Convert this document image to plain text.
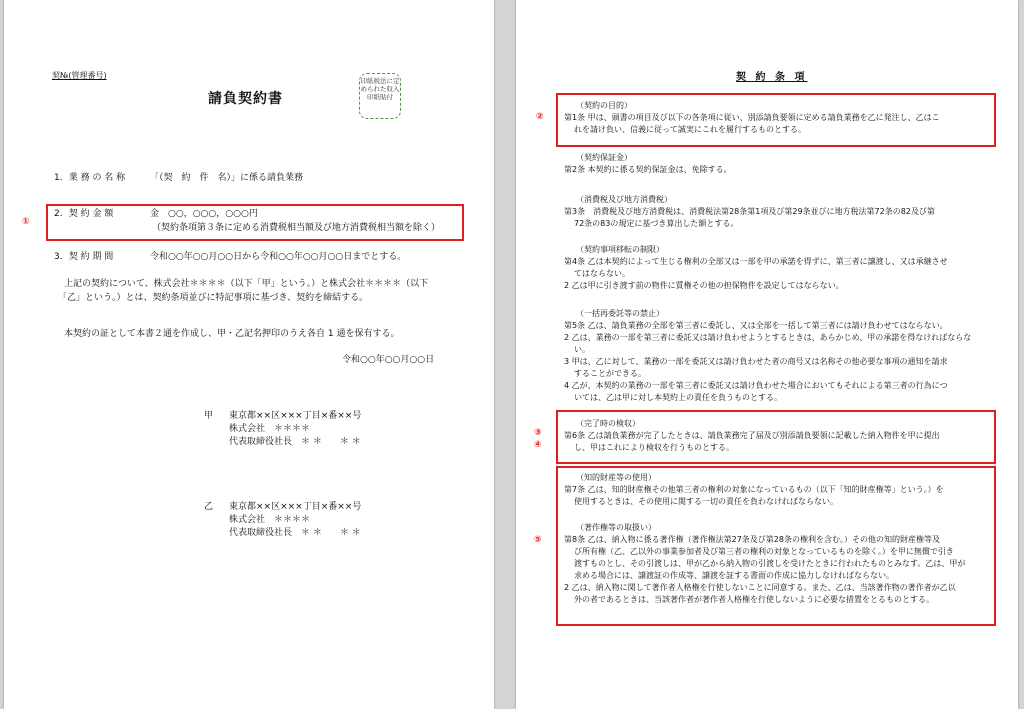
契№(管理番号)
請負契約書
印紙税法に定められた収入印紙貼付
1．業 務 の 名 称	「（契　約　件　名）」に係る請負業務
①
2．契 約 金 額	金　○○，○○○，○○○円
（契約条項第３条に定める消費税相当額及び地方消費税相当額を除く）
3．契 約 期 間	令和○○年○○月○○日から令和○○年○○月○○日までとする。
上記の契約について、株式会社＊＊＊＊（以下「甲」という。）と株式会社＊＊＊＊（以下
「乙」という。）とは、契約条項並びに特記事項に基づき、契約を締結する。
本契約の証として本書２通を作成し、甲・乙記名押印のうえ各自 1 通を保有する。
令和○○年○○月○○日
甲 東京都××区×××丁目×番××号
株式会社　＊＊＊＊
代表取締役社長　＊ ＊　　＊ ＊
乙 東京都××区×××丁目×番××号
株式会社　＊＊＊＊
代表取締役社長　＊ ＊　　＊ ＊
契 約 条 項
②

（契約の目的）

第1条 甲は、頭書の項目及び以下の各条項に従い、別添請負要領に定める請負業務を乙に発注し、乙はこ

れを請け負い、信義に従って誠実にこれを履行するものとする。

（契約保証金）

第2条 本契約に係る契約保証金は、免除する。

（消費税及び地方消費税）

第3条　消費税及び地方消費税は、消費税法第28条第1項及び第29条並びに地方税法第72条の82及び第

72条の83の規定に基づき算出した額とする。

（契約事項移転の制限）

第4条 乙は本契約によって生じる権利の全部又は一部を甲の承諾を得ずに、第三者に譲渡し、又は承継させ

てはならない。

2 乙は甲に引き渡す前の物件に質権その他の担保物件を設定してはならない。

（一括再委託等の禁止）

第5条 乙は、請負業務の全部を第三者に委託し、又は全部を一括して第三者には請け負わせてはならない。

2 乙は、業務の一部を第三者に委託又は請け負わせようとするときは、あらかじめ、甲の承諾を得なければならな

い。

3 甲は、乙に対して、業務の一部を委託又は請け負わせた者の商号又は名称その他必要な事項の通知を請求

することができる。

4 乙が、本契約の業務の一部を第三者に委託又は請け負わせた場合においてもそれによる第三者の行為につ

いては、乙は甲に対し本契約上の責任を負うものとする。

③
④

（完了時の検収）

第6条 乙は請負業務が完了したときは、請負業務完了届及び別添請負要領に記載した納入物件を甲に提出

し、甲はこれにより検収を行うものとする。

⑤

（知的財産等の使用）

第7条 乙は、知的財産権その他第三者の権利の対象になっているもの（以下「知的財産権等」という。）を

使用するときは、その使用に関する一切の責任を負わなければならない。

（著作権等の取扱い）

第8条 乙は、納入物に係る著作権（著作権法第27条及び第28条の権利を含む。）その他の知的財産権等及

び所有権（乙、乙以外の事業参加者及び第三者の権利の対象となっているものを除く。）を甲に無償で引き

渡すものとし、その引渡しは、甲が乙から納入物の引渡しを受けたときに行われたものとみなす。乙は、甲が

求める場合には、譲渡証の作成等、譲渡を証する書面の作成に協力しなければならない。

2 乙は、納入物に関して著作者人格権を行使しないことに同意する。また、乙は、当該著作物の著作者が乙以

外の者であるときは、当該著作者が著作者人格権を行使しないように必要な措置をとるものとする。
